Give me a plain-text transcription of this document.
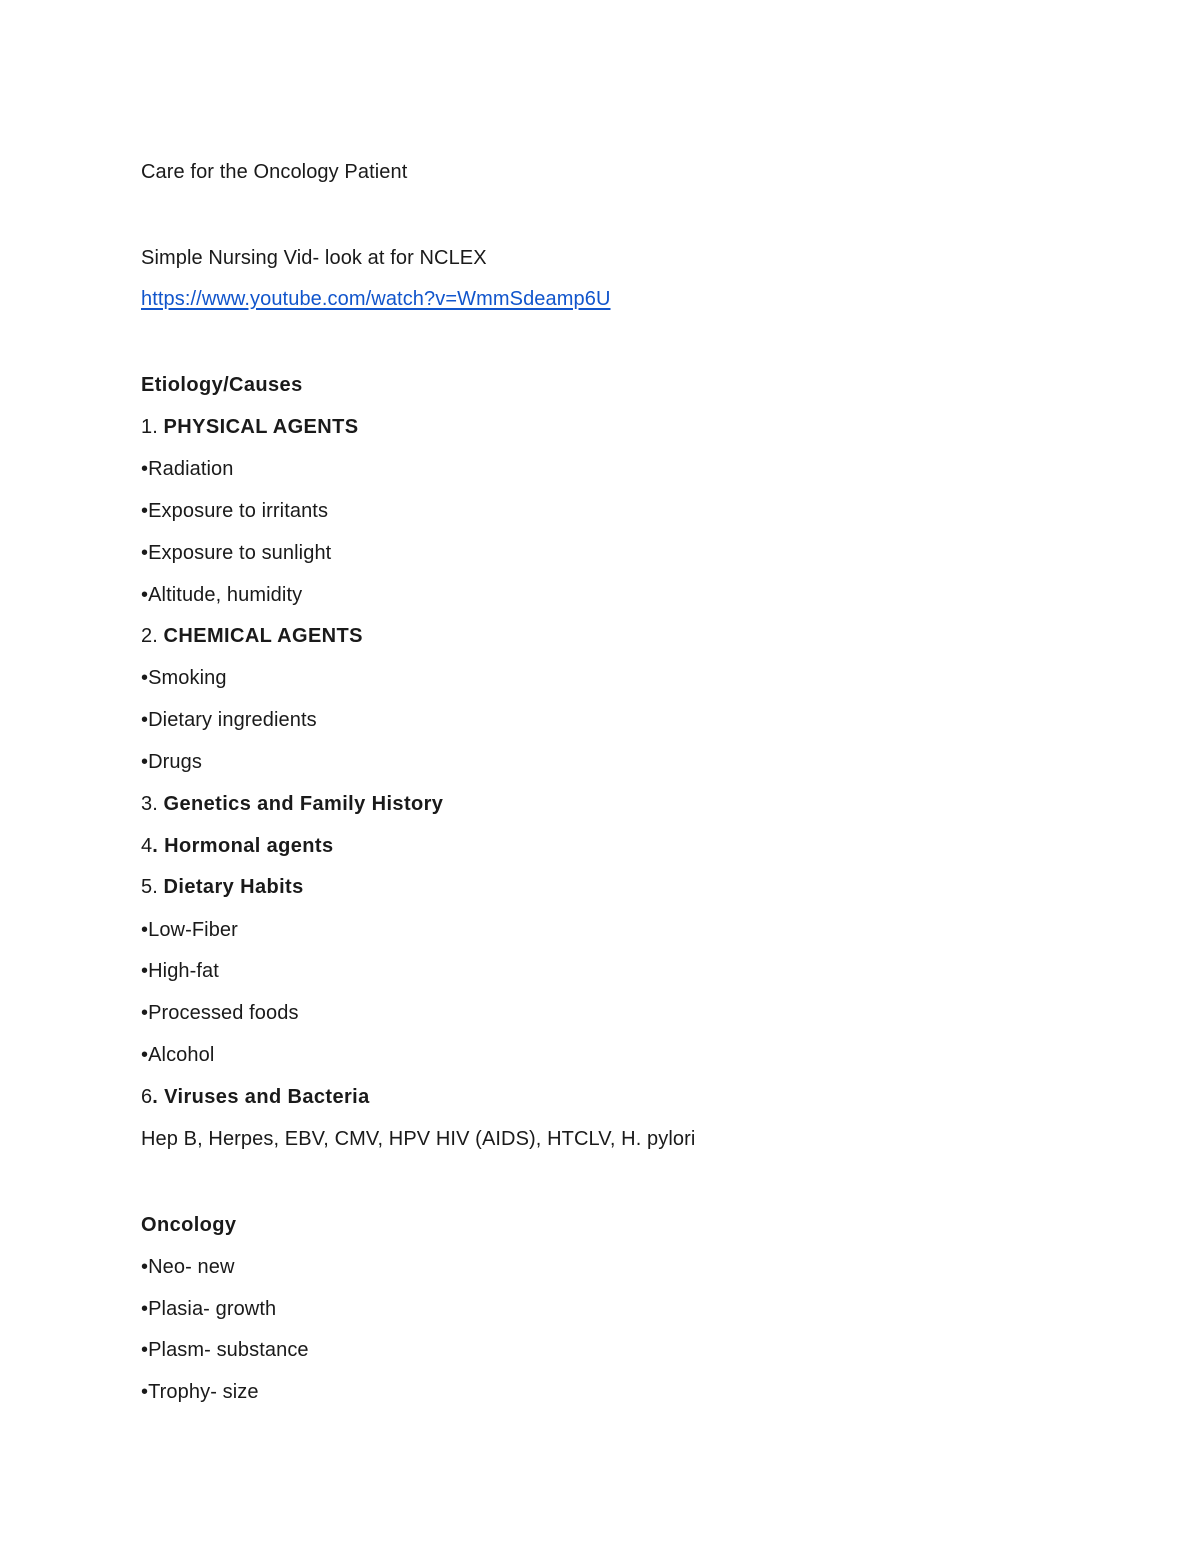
Care for the Oncology Patient
Simple Nursing Vid- look at for NCLEX
https://www.youtube.com/watch?v=WmmSdeamp6U
Etiology/Causes
1. PHYSICAL AGENTS
•Radiation
•Exposure to irritants
•Exposure to sunlight
•Altitude, humidity
2. CHEMICAL AGENTS
•Smoking
•Dietary ingredients
•Drugs
3. Genetics and Family History
4. Hormonal agents
5. Dietary Habits
•Low-Fiber
•High-fat
•Processed foods
•Alcohol
6. Viruses and Bacteria
Hep B, Herpes, EBV, CMV, HPV HIV (AIDS), HTCLV, H. pylori
Oncology
•Neo- new
•Plasia- growth
•Plasm- substance
•Trophy- size
